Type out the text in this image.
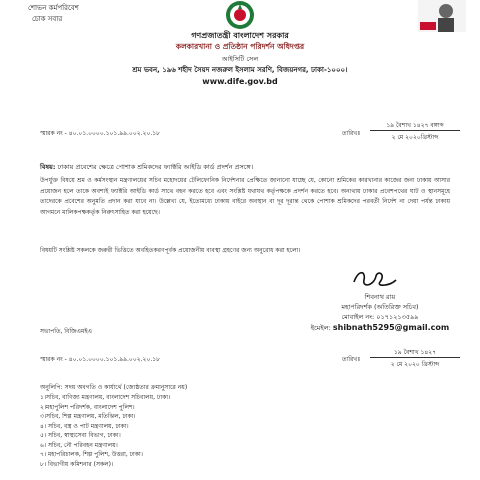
শোভন কর্মপরিবেশ
চোক সবার
গণপ্রজাতন্ত্রী বাংলাদেশ সরকার
কলকারখানা ও প্রতিষ্ঠান পরিদর্শন অধিদপ্তর
আইসিটি সেল
শ্রম ভবন, ১৯৬ শহীদ সৈয়দ নজরুল ইসলাম সরণি, বিজয়নগর, ঢাকা-১০০০।
www.dife.gov.bd
স্মারক নং - ৪০.০১.০০০০.১০১.৯৯.০০২.২০.১৮	তারিখঃ
১৯ বৈশাখ ১৪২৭ বঙ্গাব্দ
২ মে ২০২০খ্রিস্টাব্দ
বিষয়: ঢাকায় প্রবেশের ক্ষেত্রে পোশাক শ্রমিকদের ফ্যাক্টরি আইডি কার্ড প্রদর্শন প্রসঙ্গে।
উপর্যুক্ত বিষয়ে শ্রম ও কর্মসংস্থান মন্ত্রণালয়ের সচিব মহোদয়ের টেলিফোনিক নির্দেশনার প্রেক্ষিতে জানানো যাচ্ছে যে, কোনো শ্রমিকের কারখানার কাজের জন্য ঢাকায় আসার প্রয়োজন হলে তাকে অবশ্যই ফ্যাক্টরি আইডি কার্ড সাথে বহন করতে হবে এবং সংশ্লিষ্ট যথাযথ কর্তৃপক্ষকে প্রদর্শন করতে হবে। অন্যথায় ঢাকার প্রবেশপথের ঘাট ও স্থানসমূহে তাদেরকে প্রবেশের অনুমতি প্রদান করা যাবে না। উল্লেখ্য যে, ইতোমধ্যে ঢাকায় বাইরে অবস্থান বা দূর দূরান্ত থেকে পোশাক শ্রমিকদের পরবর্তী নির্দেশ না দেয়া পর্যন্ত ঢাকায় আগমনে মালিকপক্ষকর্তৃক নিরুৎসাহিত করা হয়েছে।
বিষয়টি সংশ্লিষ্ট সকলকে জরুরী ভিত্তিতে অবহিতকরণপূর্বক প্রয়োজনীয় ব্যবস্থা গ্রহণের জন্য অনুরোধ করা হলো।
শিবনাথ রায়
মহাপরিদর্শক (অতিরিক্ত সচিব)
মোবাইল নং: ০১৭১২১৩৫৯৯
ইমেইল: shibnath5295@gmail.com
সভাপতি, বিজিএমইএ
স্মারক নং - ৪০.০১.০০০০.১০১.৯৯.০০২.২০.১৮	তারিখঃ
১৯ বৈশাখ ১৪২৭
২ মে ২০২০ খ্রিস্টাব্দ
অনুলিপি: সদয় অবগতি ও কার্যার্থে (জ্যেষ্ঠতার ক্রমানুসারে নয়)
১।সচিব, বাণিজ্য মন্ত্রণালয়, বাংলাদেশ সচিবালয়, ঢাকা।
২।মহাপুলিশ পরিদর্শক, বাংলাদেশ পুলিশ।
৩।সচিব, শিল্প মন্ত্রণালয়, মতিঝিল, ঢাকা।
৪। সচিব, বস্ত্র ও পাট মন্ত্রণালয়, ঢাকা।
৫। সচিব, স্বাস্থ্যসেবা বিভাগ, ঢাকা।
৬। সচিব, নৌ পরিবহন মন্ত্রণালয়।
৭। মহাপরিচালক, শিল্প পুলিশ, উত্তরা, ঢাকা।
৮। বিভাগীয় কমিশনার (সকল)।
